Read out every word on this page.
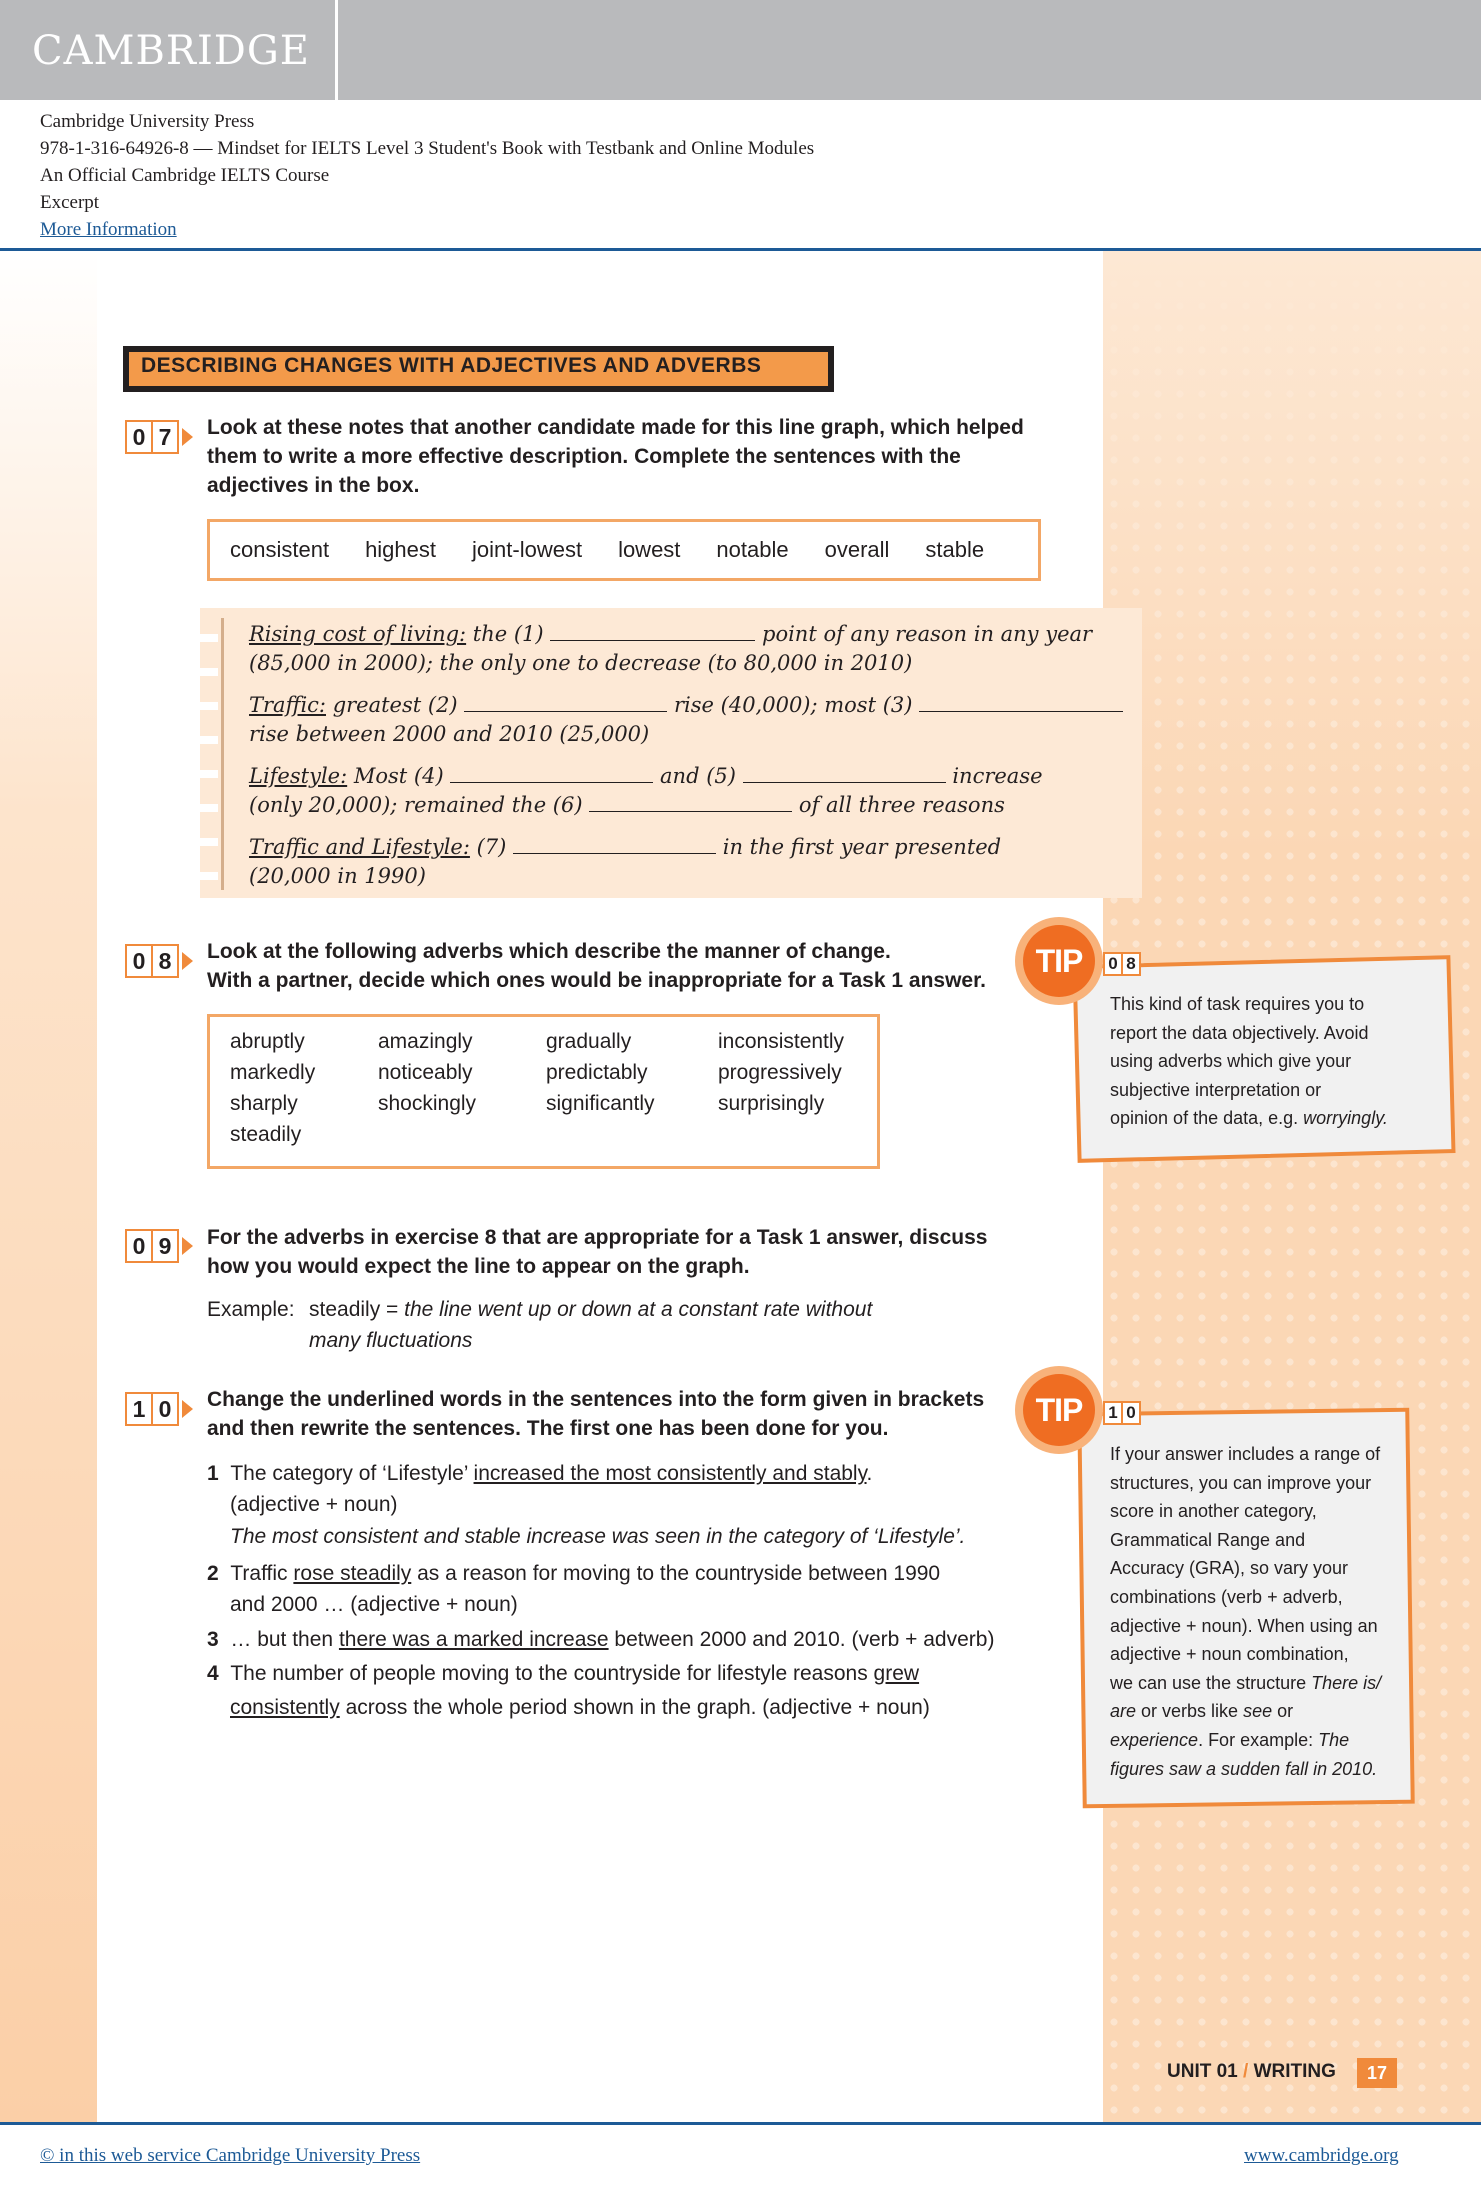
CAMBRIDGE
Cambridge University Press
978-1-316-64926-8 — Mindset for IELTS Level 3 Student's Book with Testbank and Online Modules
An Official Cambridge IELTS Course
Excerpt
More Information
DESCRIBING CHANGES WITH ADJECTIVES AND ADVERBS
0 7	Look at these notes that another candidate made for this line graph, which helped
them to write a more effective description. Complete the sentences with the
adjectives in the box.
consistent highest joint-lowest lowest notable overall stable
Rising cost of living: the (1)	point of any reason in any year
(85,000 in 2000); the only one to decrease (to 80,000 in 2010)
Traffic: greatest (2)	rise (40,000); most (3)
rise between 2000 and 2010 (25,000)
Lifestyle: Most (4)	and (5)	increase
(only 20,000); remained the (6)	of all three reasons
Traffic and Lifestyle: (7)	in the first year presented
(20,000 in 1990)
0 8	Look at the following adverbs which describe the manner of change.
With a partner, decide which ones would be inappropriate for a Task 1 answer.
abruptly	amazingly	gradually	inconsistently
markedly	noticeably	predictably	progressively
sharply	shockingly	significantly	surprisingly
steadily
TIP	0 8
This kind of task requires you to
report the data objectively. Avoid
using adverbs which give your
subjective interpretation or
opinion of the data, e.g. worryingly.
0 9	For the adverbs in exercise 8 that are appropriate for a Task 1 answer, discuss
how you would expect the line to appear on the graph.
Example: steadily = the line went up or down at a constant rate without
many fluctuations
1 0	Change the underlined words in the sentences into the form given in brackets
and then rewrite the sentences. The first one has been done for you.
1 The category of ‘Lifestyle’ increased the most consistently and stably.
(adjective + noun)
The most consistent and stable increase was seen in the category of ‘Lifestyle’.
2 Traffic rose steadily as a reason for moving to the countryside between 1990
and 2000 … (adjective + noun)
3 … but then there was a marked increase between 2000 and 2010. (verb + adverb)
4 The number of people moving to the countryside for lifestyle reasons grew
consistently across the whole period shown in the graph. (adjective + noun)
TIP	1 0
If your answer includes a range of
structures, you can improve your
score in another category,
Grammatical Range and
Accuracy (GRA), so vary your
combinations (verb + adverb,
adjective + noun). When using an
adjective + noun combination,
we can use the structure There is/
are or verbs like see or
experience. For example: The
figures saw a sudden fall in 2010.
UNIT 01 / WRITING	17
© in this web service Cambridge University Press	www.cambridge.org
